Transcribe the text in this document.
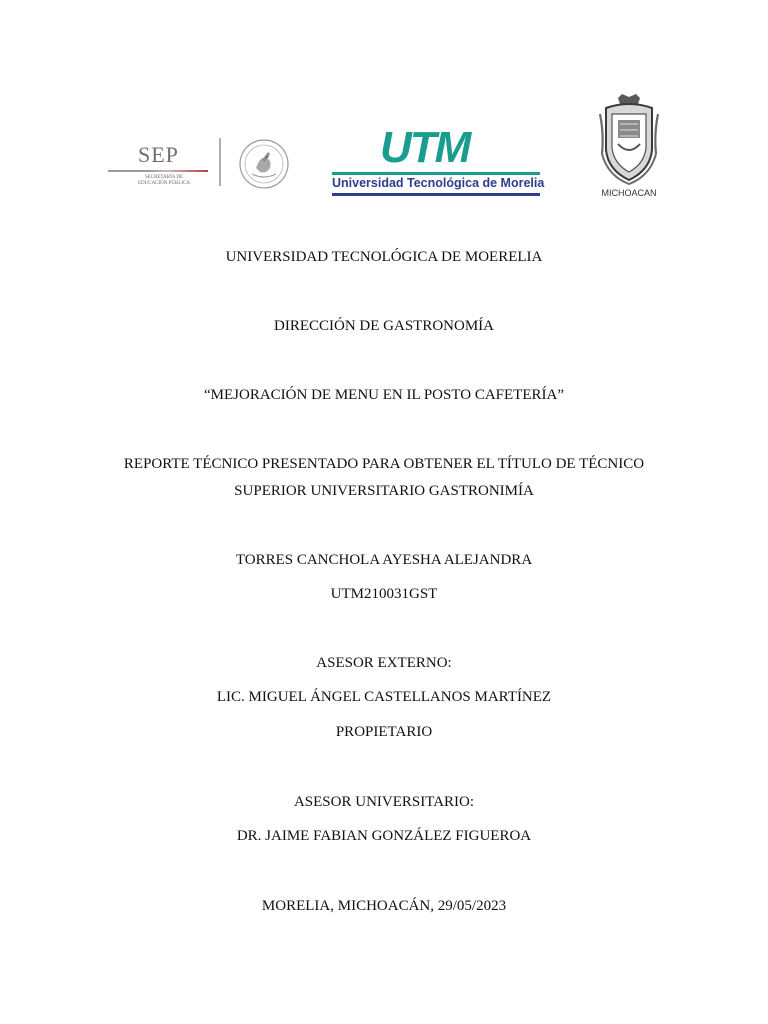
SEP
SECRETARÍA DE
EDUCACIÓN PÚBLICA
UTM
Universidad Tecnológica de Morelia
MICHOACAN
UNIVERSIDAD TECNOLÓGICA DE MOERELIA
DIRECCIÓN DE GASTRONOMÍA
“MEJORACIÓN DE MENU EN IL POSTO CAFETERÍA”
REPORTE TÉCNICO PRESENTADO PARA OBTENER EL TÍTULO DE TÉCNICO
SUPERIOR UNIVERSITARIO GASTRONIMÍA
TORRES CANCHOLA AYESHA ALEJANDRA
UTM210031GST
ASESOR EXTERNO:
LIC. MIGUEL ÁNGEL CASTELLANOS MARTÍNEZ
PROPIETARIO
ASESOR UNIVERSITARIO:
DR. JAIME FABIAN GONZÁLEZ FIGUEROA
MORELIA, MICHOACÁN, 29/05/2023
